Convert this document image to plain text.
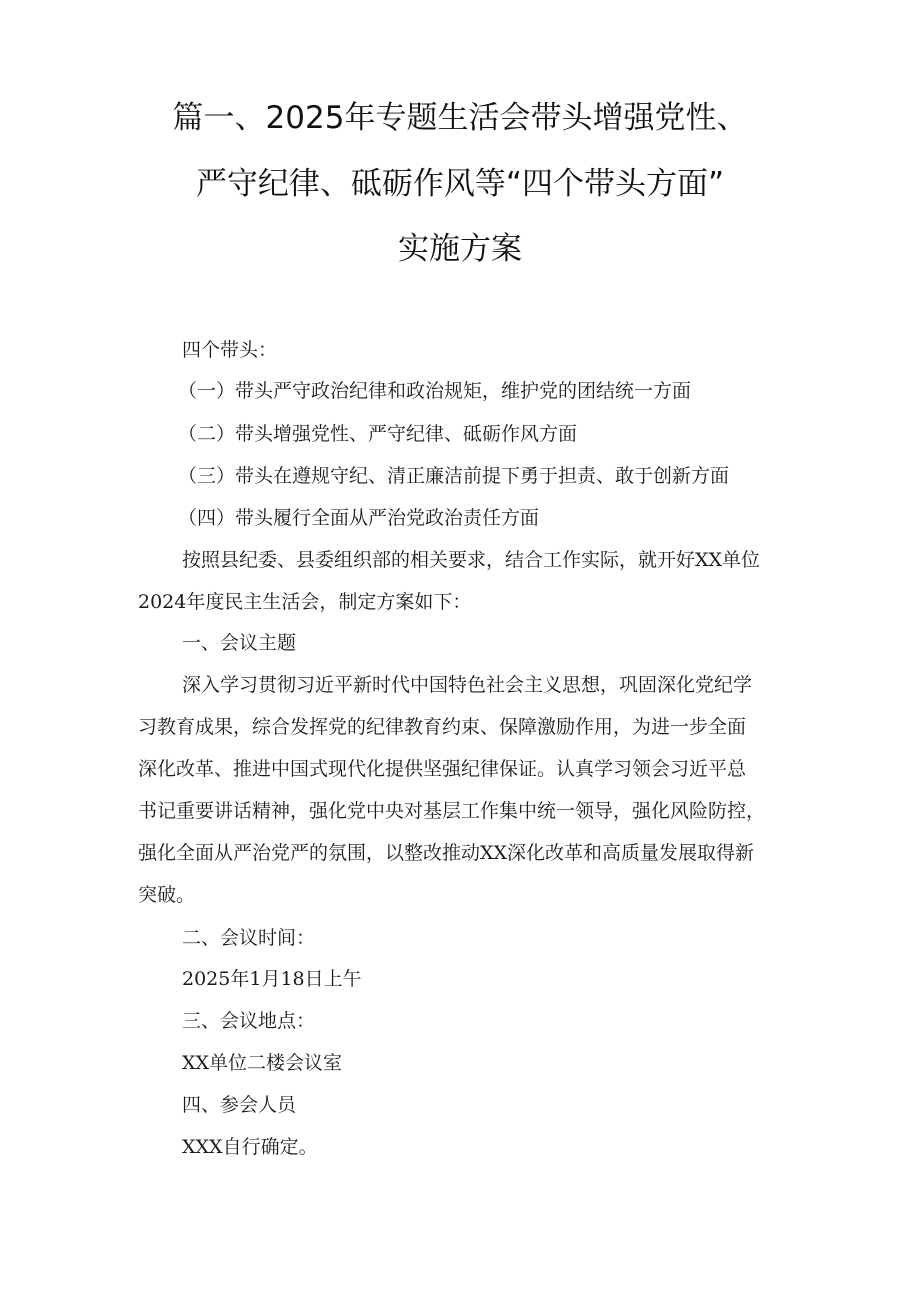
篇一、2025年专题生活会带头增强党性、
严守纪律、砥砺作风等“四个带头方面”
实施方案
四个带头：
（一）带头严守政治纪律和政治规矩，维护党的团结统一方面
（二）带头增强党性、严守纪律、砥砺作风方面
（三）带头在遵规守纪、清正廉洁前提下勇于担责、敢于创新方面
（四）带头履行全面从严治党政治责任方面
按照县纪委、县委组织部的相关要求，结合工作实际，就开好XX单位
2024年度民主生活会，制定方案如下：
一、会议主题
深入学习贯彻习近平新时代中国特色社会主义思想，巩固深化党纪学
习教育成果，综合发挥党的纪律教育约束、保障激励作用，为进一步全面
深化改革、推进中国式现代化提供坚强纪律保证。认真学习领会习近平总
书记重要讲话精神，强化党中央对基层工作集中统一领导，强化风险防控，
强化全面从严治党严的氛围，以整改推动XX深化改革和高质量发展取得新
突破。
二、会议时间：
2025年1月18日上午
三、会议地点：
XX单位二楼会议室
四、参会人员
XXX自行确定。
